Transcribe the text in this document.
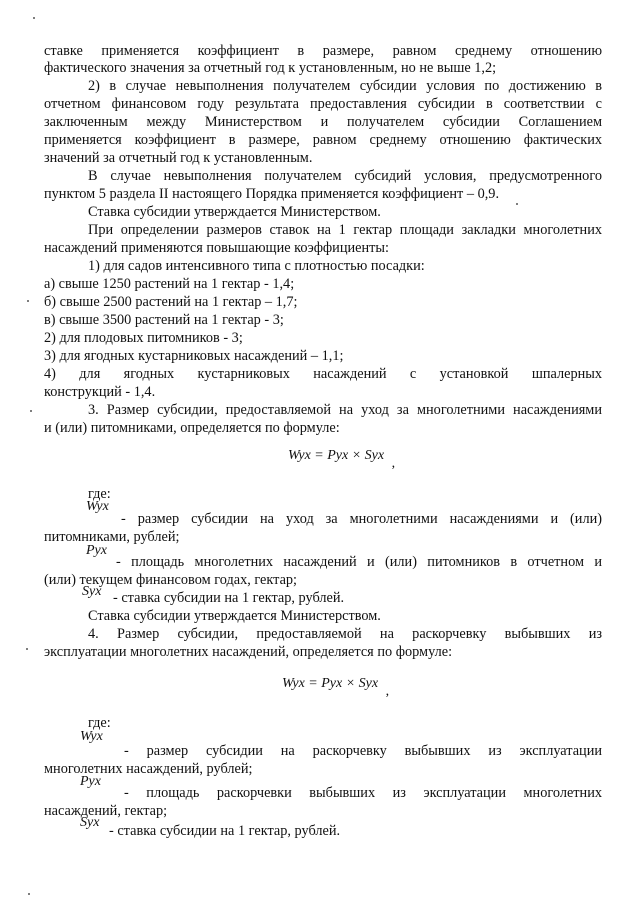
ставке применяется коэффициент в размере, равном среднему отношению
фактического значения за отчетный год к установленным, но не выше 1,2;
2) в случае невыполнения получателем субсидии условия по достижению в
отчетном финансовом году результата предоставления субсидии в соответствии с
заключенным между Министерством и получателем субсидии Соглашением
применяется коэффициент в размере, равном среднему отношению фактических
значений за отчетный год к установленным.
В случае невыполнения получателем субсидий условия, предусмотренного
пунктом 5 раздела II настоящего Порядка применяется коэффициент – 0,9.
Ставка субсидии утверждается Министерством.
При определении размеров ставок на 1 гектар площади закладки многолетних
насаждений применяются повышающие коэффициенты:
1) для садов интенсивного типа с плотностью посадки:
а) свыше 1250 растений на 1 гектар - 1,4;
б) свыше 2500 растений на 1 гектар – 1,7;
в) свыше 3500 растений на 1 гектар - 3;
2) для плодовых питомников - 3;
3) для ягодных кустарниковых насаждений – 1,1;
4) для ягодных кустарниковых насаждений с установкой шпалерных
конструкций - 1,4.
3. Размер субсидии, предоставляемой на уход за многолетними насаждениями
и (или) питомниками, определяется по формуле:
Wyx = Pyx × Syx ,
где:
Wyx
- размер субсидии на уход за многолетними насаждениями и (или)
питомниками, рублей;
Pyx
- площадь многолетних насаждений и (или) питомников в отчетном и
(или) текущем финансовом годах, гектар;
Syx - ставка субсидии на 1 гектар, рублей.
Ставка субсидии утверждается Министерством.
4. Размер субсидии, предоставляемой на раскорчевку выбывших из
эксплуатации многолетних насаждений, определяется по формуле:
Wyx = Pyx × Syx ,
где:
Wyx
- размер субсидии на раскорчевку выбывших из эксплуатации
многолетних насаждений, рублей;
Pyx
- площадь раскорчевки выбывших из эксплуатации многолетних
насаждений, гектар;
Syx
- ставка субсидии на 1 гектар, рублей.
